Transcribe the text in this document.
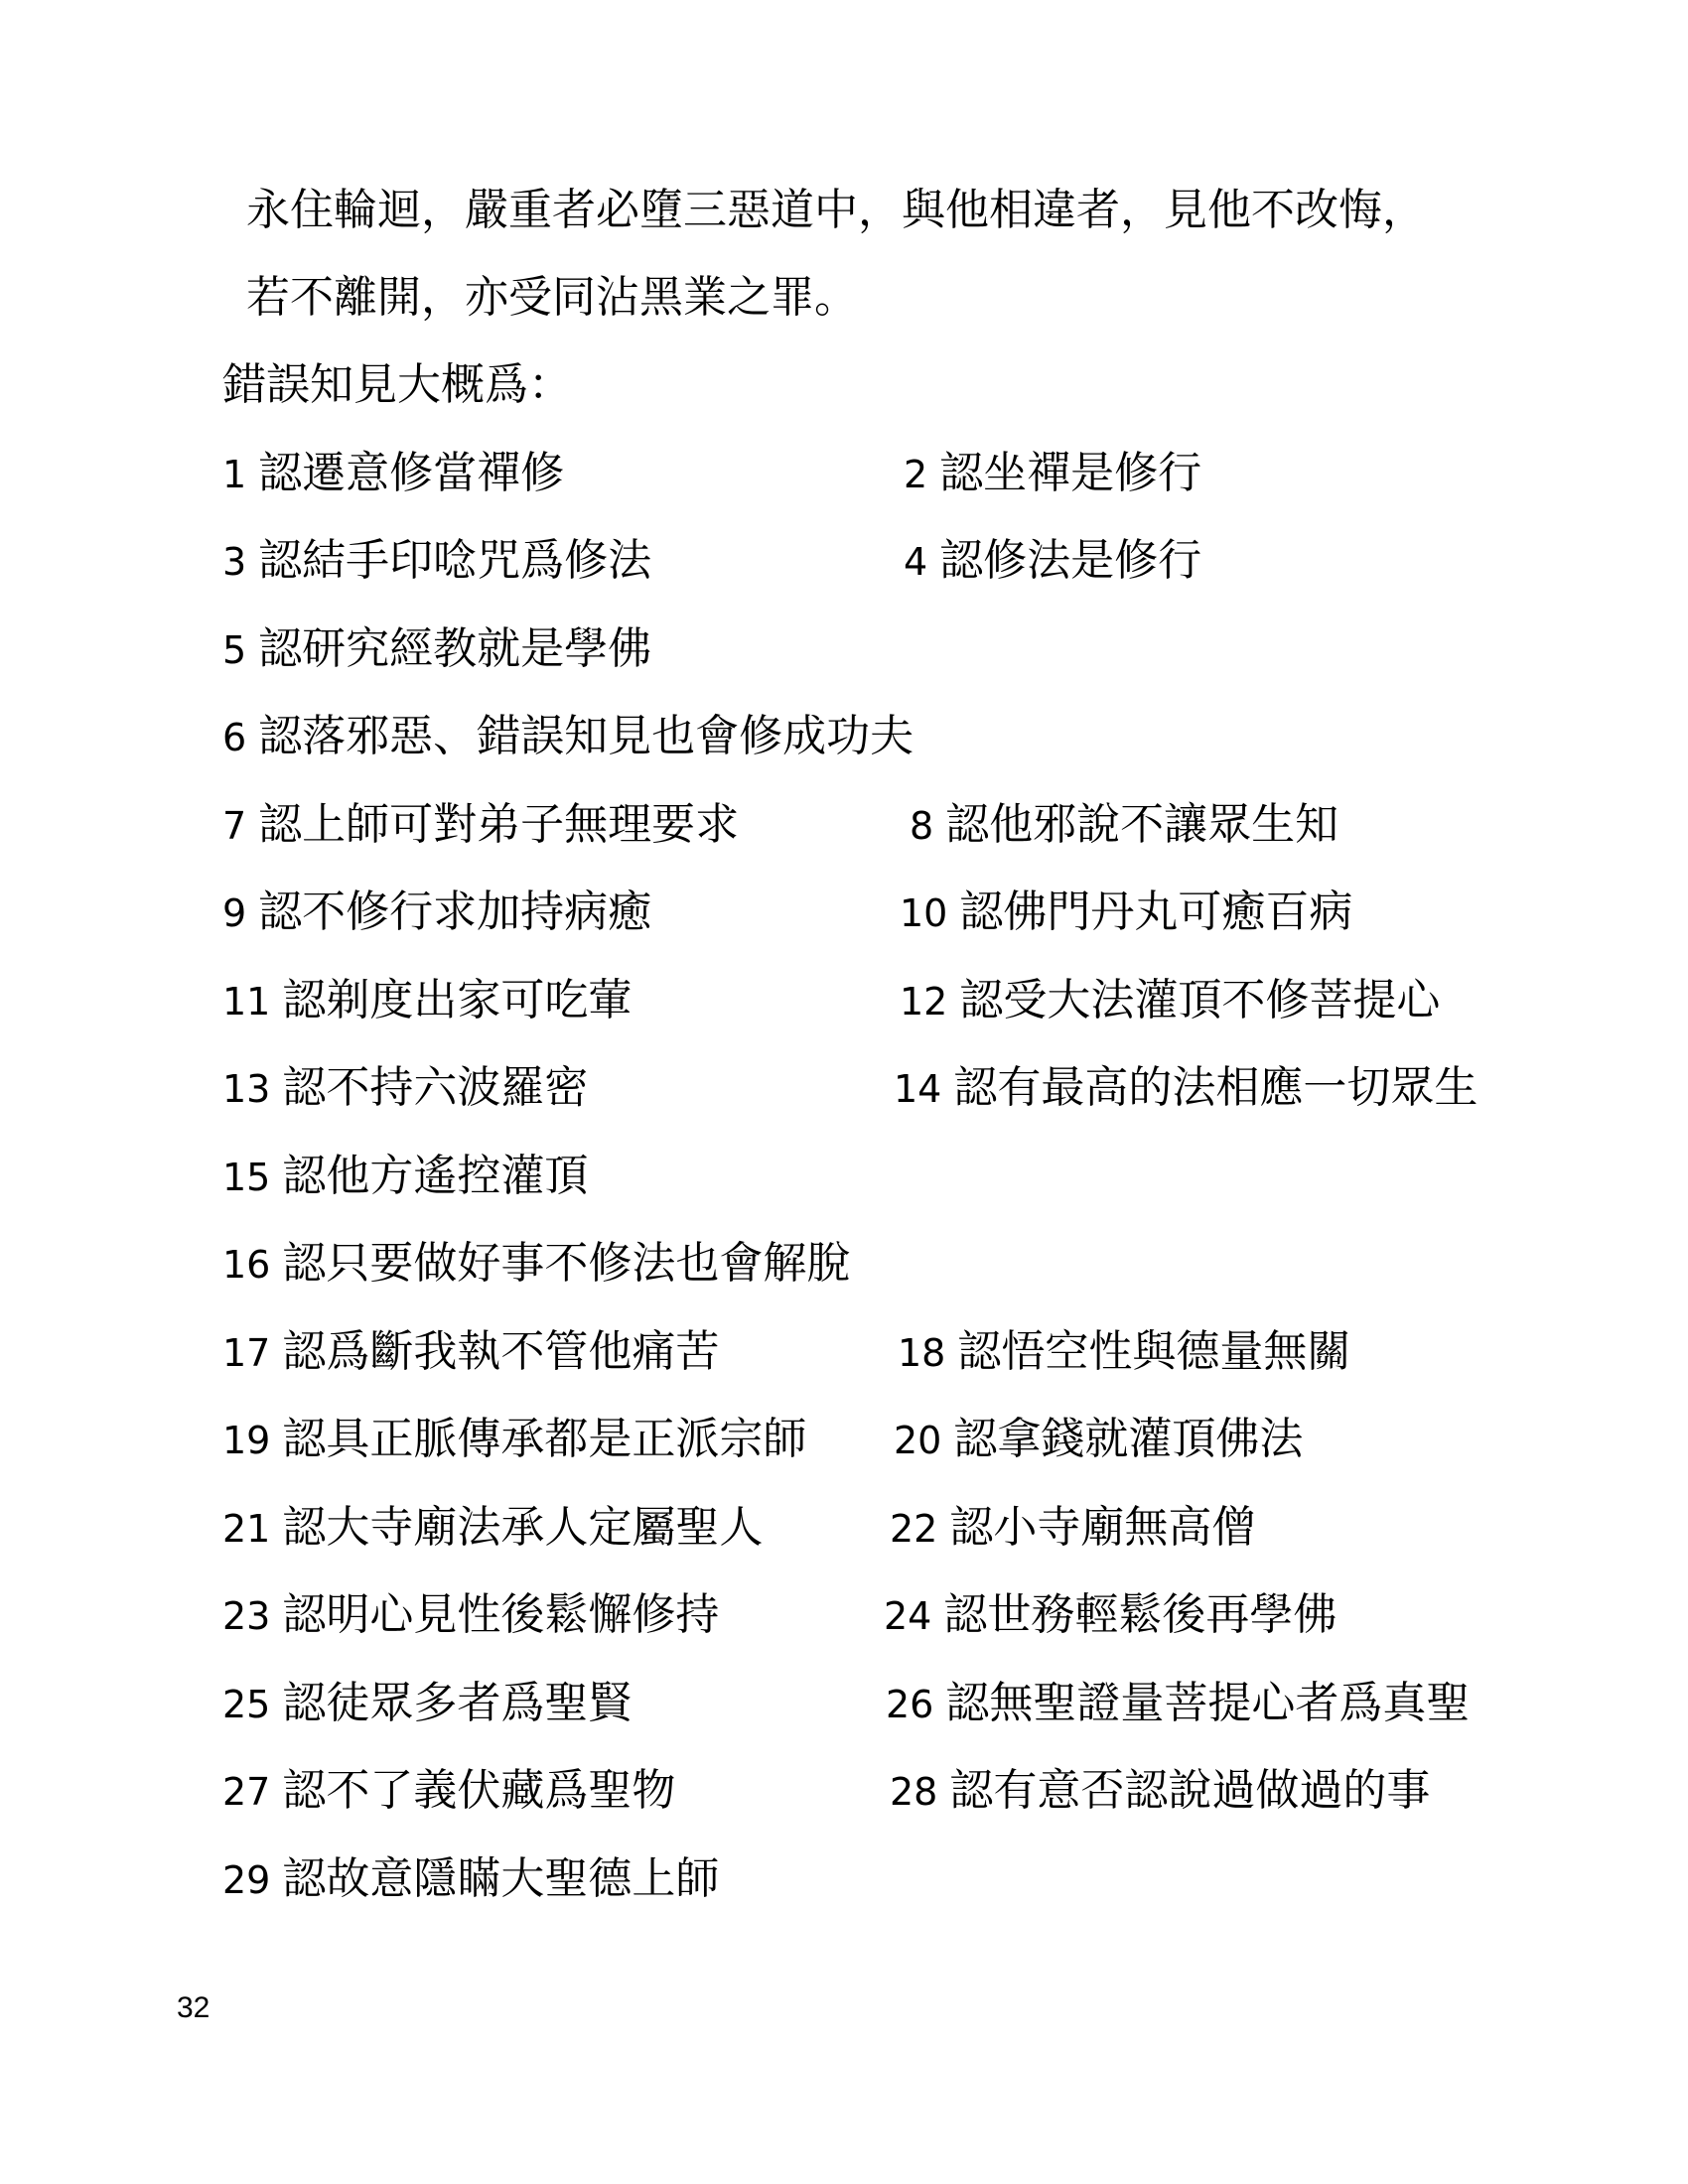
永住輪迴，嚴重者必墮三惡道中，與他相違者，見他不改悔，
若不離開，亦受同沾黑業之罪。
錯誤知見大概爲：
1 認遷意修當禪修	2 認坐禪是修行
3 認結手印唸咒爲修法	4 認修法是修行
5 認研究經教就是學佛
6 認落邪惡、錯誤知見也會修成功夫
7 認上師可對弟子無理要求	8 認他邪說不讓眾生知
9 認不修行求加持病癒	10 認佛門丹丸可癒百病
11 認剃度出家可吃葷	12 認受大法灌頂不修菩提心
13 認不持六波羅密	14 認有最高的法相應一切眾生
15 認他方遙控灌頂
16 認只要做好事不修法也會解脫
17 認爲斷我執不管他痛苦	18 認悟空性與德量無關
19 認具正脈傳承都是正派宗師 20 認拿錢就灌頂佛法
21 認大寺廟法承人定屬聖人	22 認小寺廟無高僧
23 認明心見性後鬆懈修持	24 認世務輕鬆後再學佛
25 認徒眾多者爲聖賢	26 認無聖證量菩提心者爲真聖
27 認不了義伏藏爲聖物	28 認有意否認說過做過的事
29 認故意隱瞞大聖德上師
32
